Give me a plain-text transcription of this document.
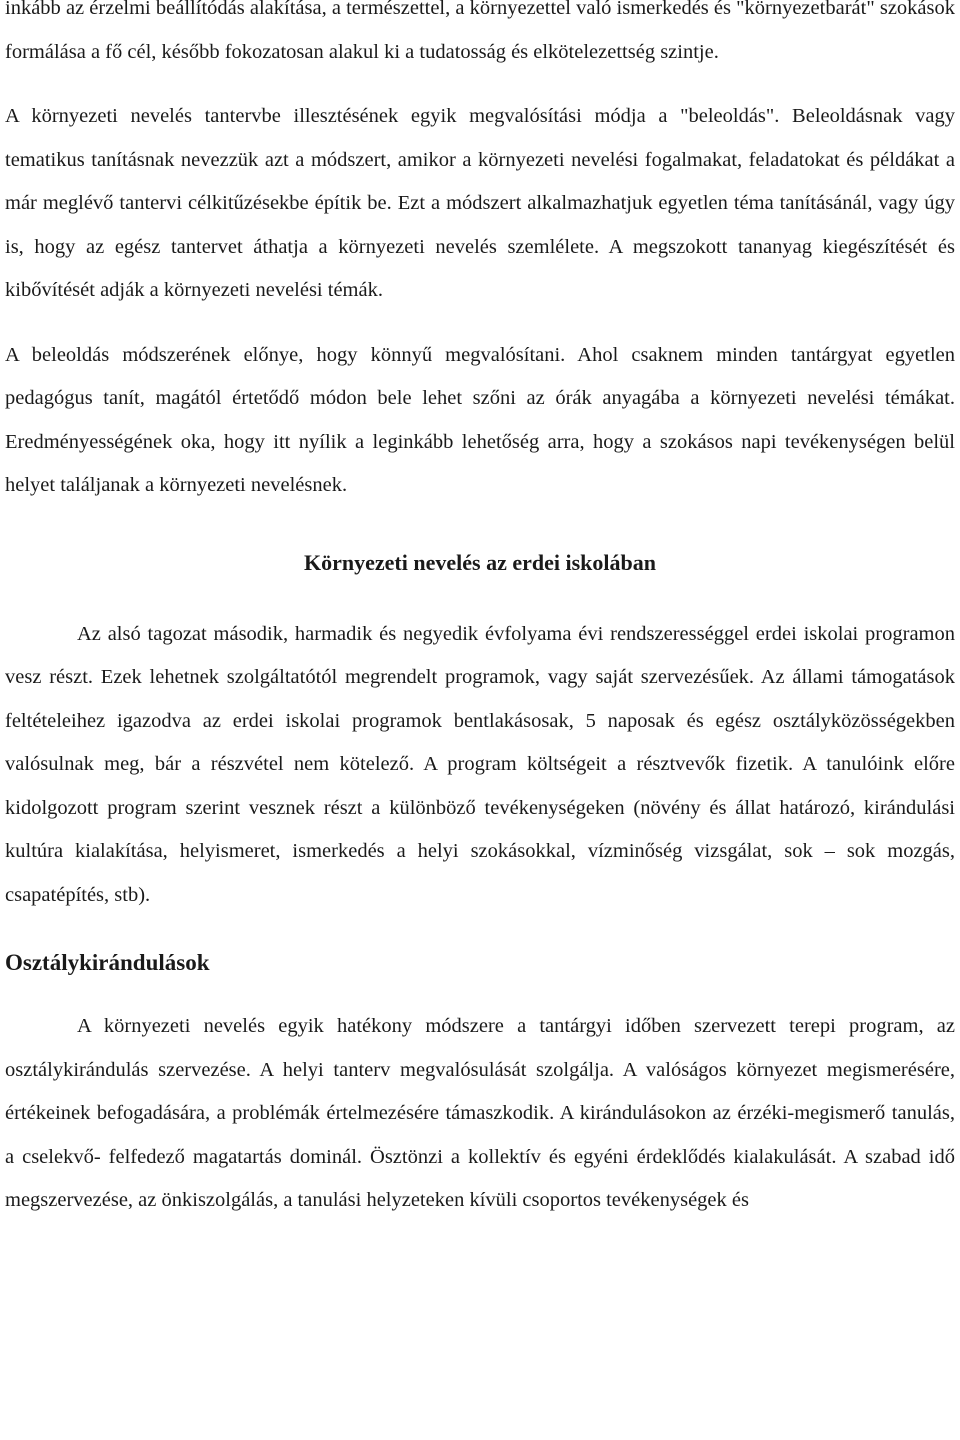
inkább az érzelmi beállítódás alakítása, a természettel, a környezettel való ismerkedés és "környezetbarát" szokások formálása a fő cél, később fokozatosan alakul ki a tudatosság és elkötelezettség szintje.

A környezeti nevelés tantervbe illesztésének egyik megvalósítási módja a "beleoldás". Beleoldásnak vagy tematikus tanításnak nevezzük azt a módszert, amikor a környezeti nevelési fogalmakat, feladatokat és példákat a már meglévő tantervi célkitűzésekbe építik be. Ezt a módszert alkalmazhatjuk egyetlen téma tanításánál, vagy úgy is, hogy az egész tantervet áthatja a környezeti nevelés szemlélete. A megszokott tananyag kiegészítését és kibővítését adják a környezeti nevelési témák.

A beleoldás módszerének előnye, hogy könnyű megvalósítani. Ahol csaknem minden tantárgyat egyetlen pedagógus tanít, magától értetődő módon bele lehet szőni az órák anyagába a környezeti nevelési témákat. Eredményességének oka, hogy itt nyílik a leginkább lehetőség arra, hogy a szokásos napi tevékenységen belül helyet találjanak a környezeti nevelésnek.

Környezeti nevelés az erdei iskolában

Az alsó tagozat második, harmadik és negyedik évfolyama évi rendszerességgel erdei iskolai programon vesz részt. Ezek lehetnek szolgáltatótól megrendelt programok, vagy saját szervezésűek. Az állami támogatások feltételeihez igazodva az erdei iskolai programok bentlakásosak, 5 naposak és egész osztályközösségekben valósulnak meg, bár a részvétel nem kötelező. A program költségeit a résztvevők fizetik. A tanulóink előre kidolgozott program szerint vesznek részt a különböző tevékenységeken (növény és állat határozó, kirándulási kultúra kialakítása, helyismeret, ismerkedés a helyi szokásokkal, vízminőség vizsgálat, sok – sok mozgás, csapatépítés, stb).

Osztálykirándulások

A környezeti nevelés egyik hatékony módszere a tantárgyi időben szervezett terepi program, az osztálykirándulás szervezése. A helyi tanterv megvalósulását szolgálja. A valóságos környezet megismerésére, értékeinek befogadására, a problémák értelmezésére támaszkodik. A kirándulásokon az érzéki-megismerő tanulás, a cselekvő- felfedező magatartás dominál. Ösztönzi a kollektív és egyéni érdeklődés kialakulását. A szabad idő megszervezése, az önkiszolgálás, a tanulási helyzeteken kívüli csoportos tevékenységek és
